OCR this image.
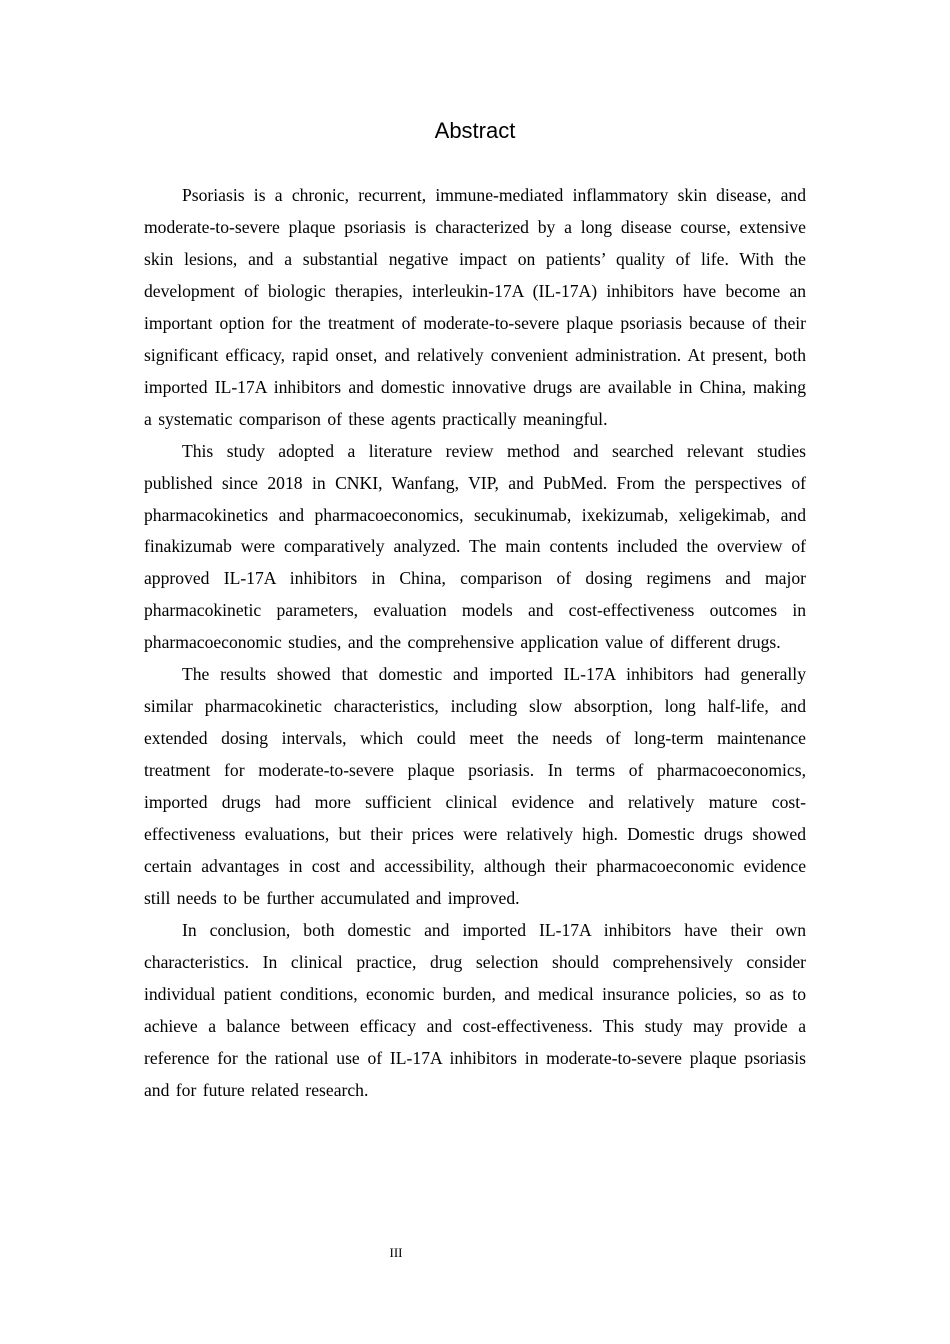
Abstract

Psoriasis is a chronic, recurrent, immune-mediated inflammatory skin disease, and moderate-to-severe plaque psoriasis is characterized by a long disease course, extensive skin lesions, and a substantial negative impact on patients’ quality of life. With the development of biologic therapies, interleukin-17A (IL-17A) inhibitors have become an important option for the treatment of moderate-to-severe plaque psoriasis because of their significant efficacy, rapid onset, and relatively convenient administration. At present, both imported IL-17A inhibitors and domestic innovative drugs are available in China, making a systematic comparison of these agents practically meaningful.

This study adopted a literature review method and searched relevant studies published since 2018 in CNKI, Wanfang, VIP, and PubMed. From the perspectives of pharmacokinetics and pharmacoeconomics, secukinumab, ixekizumab, xeligekimab, and finakizumab were comparatively analyzed. The main contents included the overview of approved IL-17A inhibitors in China, comparison of dosing regimens and major pharmacokinetic parameters, evaluation models and cost-effectiveness outcomes in pharmacoeconomic studies, and the comprehensive application value of different drugs.

The results showed that domestic and imported IL-17A inhibitors had generally similar pharmacokinetic characteristics, including slow absorption, long half-life, and extended dosing intervals, which could meet the needs of long-term maintenance treatment for moderate-to-severe plaque psoriasis. In terms of pharmacoeconomics, imported drugs had more sufficient clinical evidence and relatively mature cost-effectiveness evaluations, but their prices were relatively high. Domestic drugs showed certain advantages in cost and accessibility, although their pharmacoeconomic evidence still needs to be further accumulated and improved.

In conclusion, both domestic and imported IL-17A inhibitors have their own characteristics. In clinical practice, drug selection should comprehensively consider individual patient conditions, economic burden, and medical insurance policies, so as to achieve a balance between efficacy and cost-effectiveness. This study may provide a reference for the rational use of IL-17A inhibitors in moderate-to-severe plaque psoriasis and for future related research.

III
